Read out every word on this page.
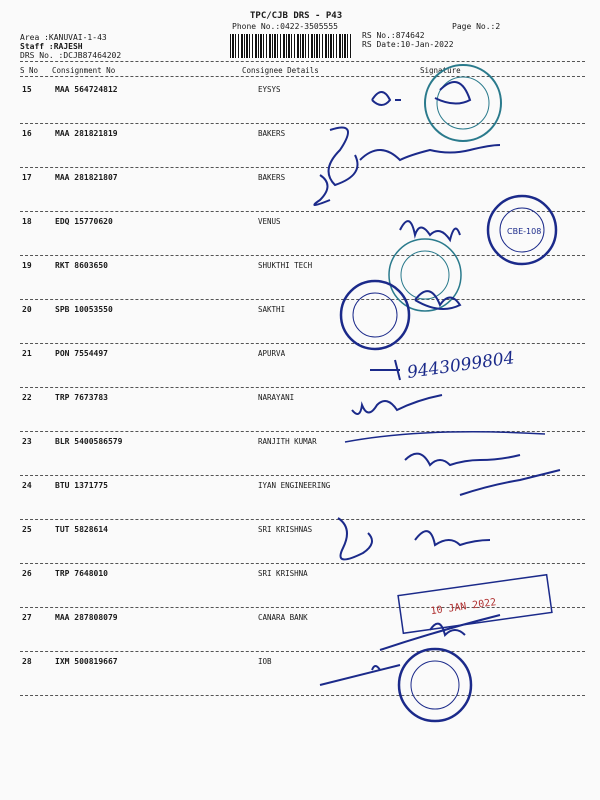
TPC/CJB DRS - P43
Phone No.:0422-3505555	Page No.:2
Area :KANUVAI-1-43
Staff :RAJESH
DRS No. :DCJB87464202
RS No.:874642
RS Date:10-Jan-2022
S No Consignment No	Consignee Details	Signature
15	MAA 564724812	EYSYS
16	MAA 281821819	BAKERS
17	MAA 281821807	BAKERS
18	EDQ 15770620	VENUS
19	RKT 8603650	SHUKTHI TECH
20	SPB 10053550	SAKTHI
21	PON 7554497	APURVA
22	TRP 7673783	NARAYANI
23	BLR 5400586579	RANJITH KUMAR
24	BTU 1371775	IYAN ENGINEERING
25	TUT 5828614	SRI KRISHNAS
26	TRP 7648010	SRI KRISHNA
27	MAA 287808079	CANARA BANK
28	IXM 500819667	IOB
CBE-108
9443099804
10 JAN 2022
